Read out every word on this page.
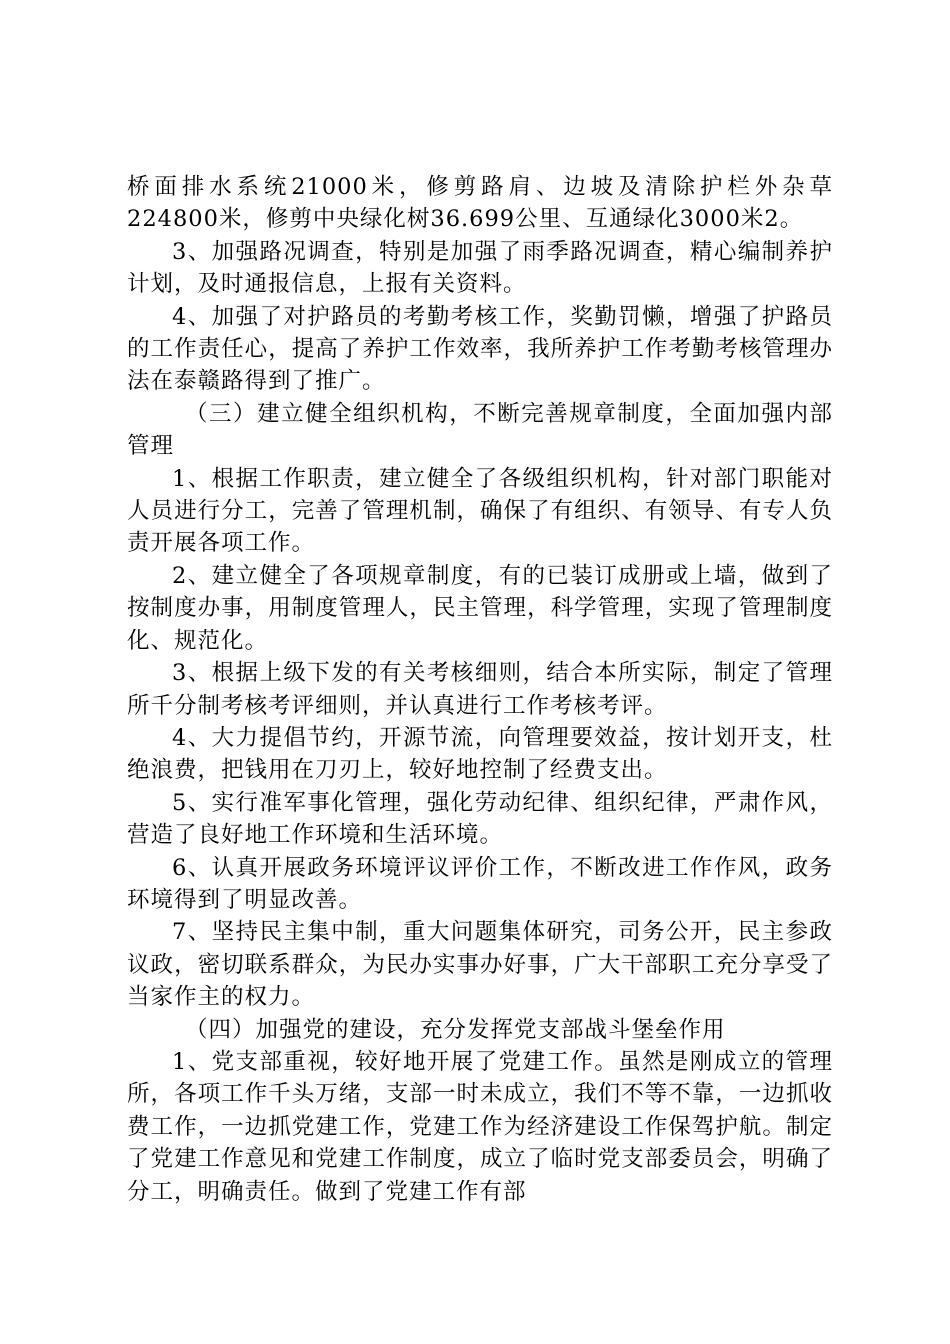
桥面排水系统21000米，修剪路肩、边坡及清除护栏外杂草224800米，修剪中央绿化树36.699公里、互通绿化3000米2。

3、加强路况调查，特别是加强了雨季路况调查，精心编制养护计划，及时通报信息，上报有关资料。

4、加强了对护路员的考勤考核工作，奖勤罚懒，增强了护路员的工作责任心，提高了养护工作效率，我所养护工作考勤考核管理办法在泰赣路得到了推广。

（三）建立健全组织机构，不断完善规章制度，全面加强内部管理

1、根据工作职责，建立健全了各级组织机构，针对部门职能对人员进行分工，完善了管理机制，确保了有组织、有领导、有专人负责开展各项工作。

2、建立健全了各项规章制度，有的已装订成册或上墙，做到了按制度办事，用制度管理人，民主管理，科学管理，实现了管理制度化、规范化。

3、根据上级下发的有关考核细则，结合本所实际，制定了管理所千分制考核考评细则，并认真进行工作考核考评。

4、大力提倡节约，开源节流，向管理要效益，按计划开支，杜绝浪费，把钱用在刀刃上，较好地控制了经费支出。

5、实行准军事化管理，强化劳动纪律、组织纪律，严肃作风，营造了良好地工作环境和生活环境。

6、认真开展政务环境评议评价工作，不断改进工作作风，政务环境得到了明显改善。

7、坚持民主集中制，重大问题集体研究，司务公开，民主参政议政，密切联系群众，为民办实事办好事，广大干部职工充分享受了当家作主的权力。

（四）加强党的建设，充分发挥党支部战斗堡垒作用

1、党支部重视，较好地开展了党建工作。虽然是刚成立的管理所，各项工作千头万绪，支部一时未成立，我们不等不靠，一边抓收费工作，一边抓党建工作，党建工作为经济建设工作保驾护航。制定了党建工作意见和党建工作制度，成立了临时党支部委员会，明确了分工，明确责任。做到了党建工作有部
